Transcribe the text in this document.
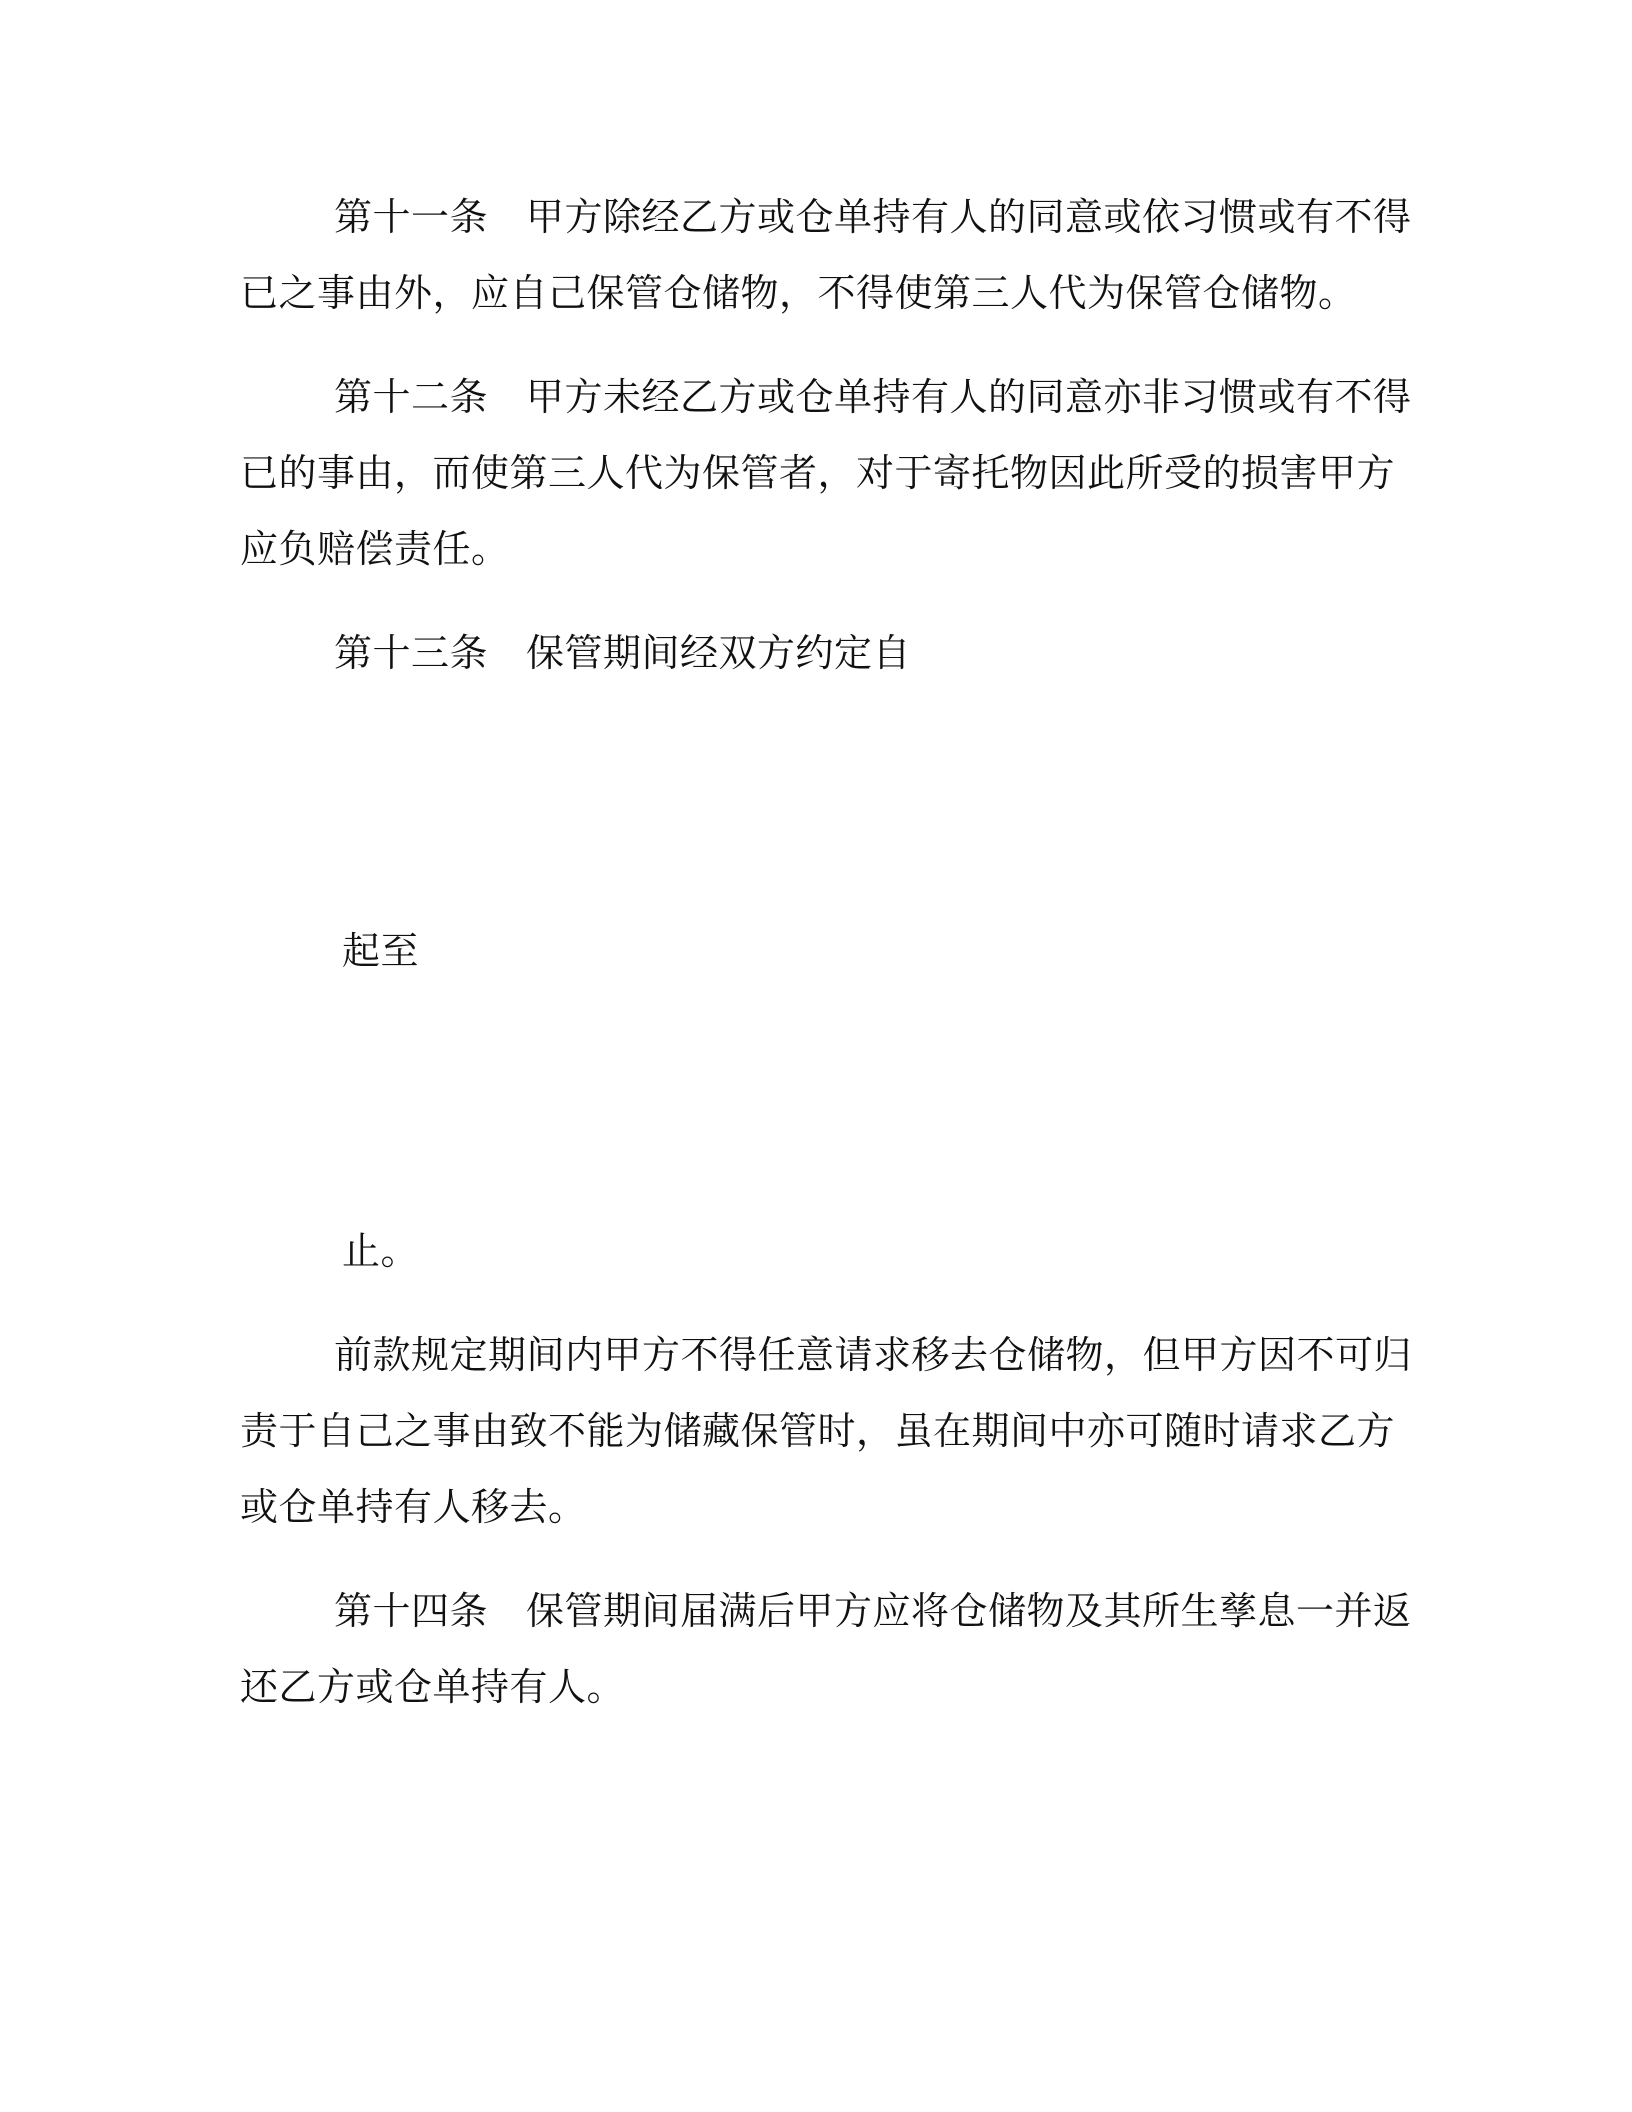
第十一条 甲方除经乙方或仓单持有人的同意或依习惯或有不得
已之事由外，应自己保管仓储物，不得使第三人代为保管仓储物。
第十二条 甲方未经乙方或仓单持有人的同意亦非习惯或有不得
已的事由，而使第三人代为保管者，对于寄托物因此所受的损害甲方
应负赔偿责任。
第十三条 保管期间经双方约定自
起至
止。
前款规定期间内甲方不得任意请求移去仓储物，但甲方因不可归
责于自己之事由致不能为储藏保管时，虽在期间中亦可随时请求乙方
或仓单持有人移去。
第十四条 保管期间届满后甲方应将仓储物及其所生孳息一并返
还乙方或仓单持有人。
